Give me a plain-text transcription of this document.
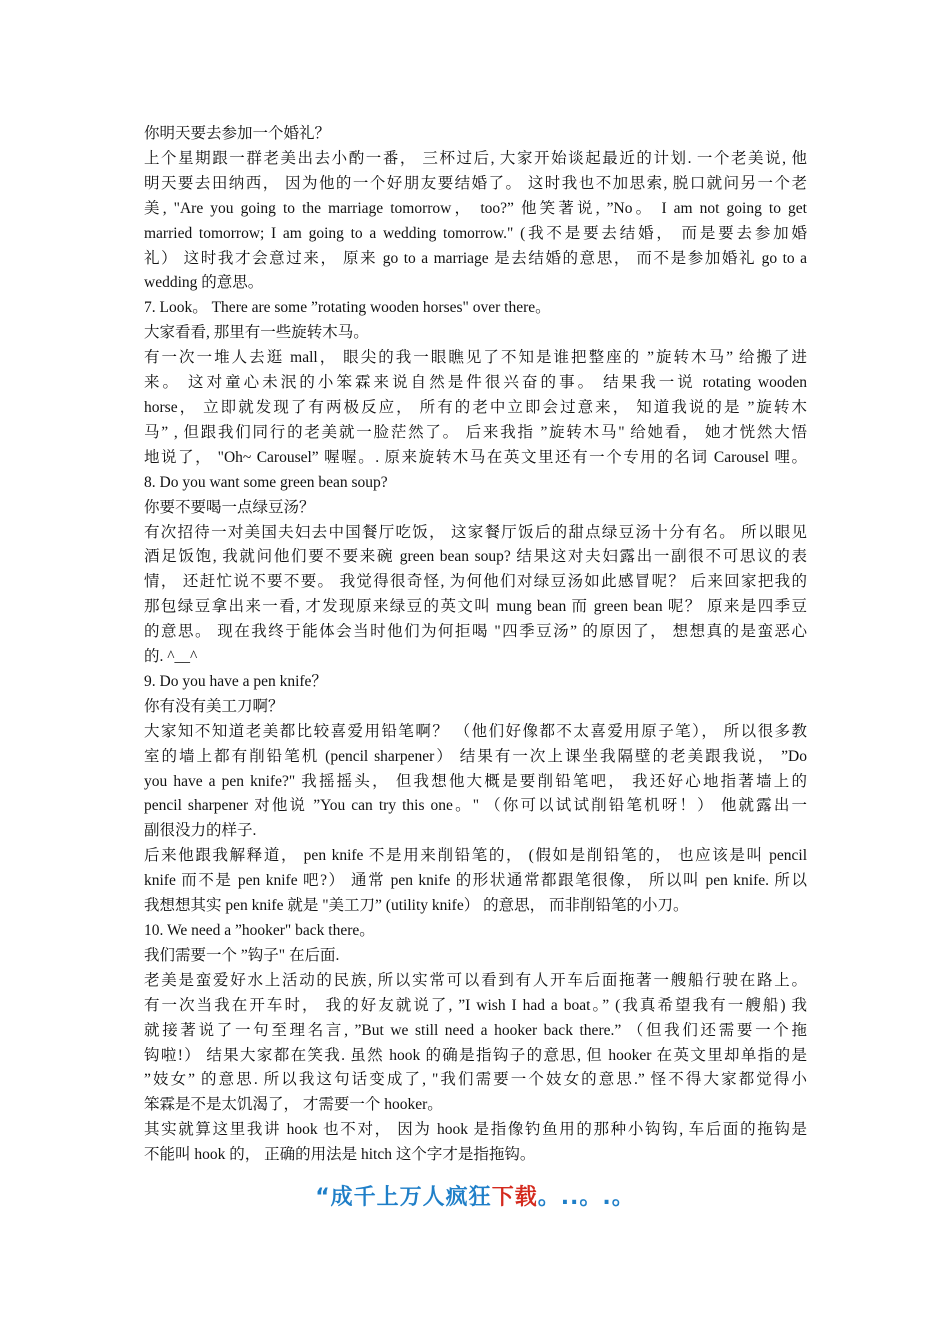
你明天要去参加一个婚礼？
上个星期跟一群老美出去小酌一番， 三杯过后, 大家开始谈起最近的计划. 一个老美说, 他
明天要去田纳西， 因为他的一个好朋友要结婚了。 这时我也不加思索, 脱口就问另一个老
美, "Are you going to the marriage tomorrow， too?” 他笑著说, ”No。 I am not going to get
married tomorrow; I am going to a wedding tomorrow." (我不是要去结婚， 而是要去参加婚
礼） 这时我才会意过来， 原来 go to a marriage 是去结婚的意思， 而不是参加婚礼 go to a
wedding 的意思。
7. Look。 There are some ”rotating wooden horses" over there。
大家看看, 那里有一些旋转木马。
有一次一堆人去逛 mall， 眼尖的我一眼瞧见了不知是谁把整座的 ”旋转木马” 给搬了进
来。 这对童心未泯的小笨霖来说自然是件很兴奋的事。 结果我一说 rotating wooden
horse， 立即就发现了有两极反应， 所有的老中立即会过意来， 知道我说的是 ”旋转木
马” , 但跟我们同行的老美就一脸茫然了。 后来我指 ”旋转木马" 给她看， 她才恍然大悟
地说了， "Oh~ Carousel” 喔喔。. 原来旋转木马在英文里还有一个专用的名词 Carousel 哩。
8. Do you want some green bean soup?
你要不要喝一点绿豆汤？
有次招待一对美国夫妇去中国餐厅吃饭， 这家餐厅饭后的甜点绿豆汤十分有名。 所以眼见
酒足饭饱, 我就问他们要不要来碗 green bean soup? 结果这对夫妇露出一副很不可思议的表
情， 还赶忙说不要不要。 我觉得很奇怪, 为何他们对绿豆汤如此感冒呢？ 后来回家把我的
那包绿豆拿出来一看, 才发现原来绿豆的英文叫 mung bean 而 green bean 呢？ 原来是四季豆
的意思。 现在我终于能体会当时他们为何拒喝 "四季豆汤” 的原因了， 想想真的是蛮恶心
的. ^__^
9. Do you have a pen knife？
你有没有美工刀啊？
大家知不知道老美都比较喜爱用铅笔啊？ （他们好像都不太喜爱用原子笔）， 所以很多教
室的墙上都有削铅笔机 (pencil sharpener） 结果有一次上课坐我隔壁的老美跟我说， ”Do
you have a pen knife?" 我摇摇头， 但我想他大概是要削铅笔吧， 我还好心地指著墙上的
pencil sharpener 对他说 ”You can try this one。" （你可以试试削铅笔机呀！） 他就露出一
副很没力的样子.
后来他跟我解释道， pen knife 不是用来削铅笔的， (假如是削铅笔的， 也应该是叫 pencil
knife 而不是 pen knife 吧?） 通常 pen knife 的形状通常都跟笔很像， 所以叫 pen knife. 所以
我想想其实 pen knife 就是 "美工刀” (utility knife） 的意思， 而非削铅笔的小刀。
10. We need a ”hooker" back there。
我们需要一个 ”钩子" 在后面.
老美是蛮爱好水上活动的民族, 所以实常可以看到有人开车后面拖著一艘船行驶在路上。
有一次当我在开车时， 我的好友就说了, ”I wish I had a boat。” (我真希望我有一艘船) 我
就接著说了一句至理名言, ”But we still need a hooker back there.” （但我们还需要一个拖
钩啦!） 结果大家都在笑我. 虽然 hook 的确是指钩子的意思, 但 hooker 在英文里却单指的是
”妓女” 的意思. 所以我这句话变成了, "我们需要一个妓女的意思.” 怪不得大家都觉得小
笨霖是不是太饥渴了， 才需要一个 hooker。
其实就算这里我讲 hook 也不对， 因为 hook 是指像钓鱼用的那种小钩钩, 车后面的拖钩是
不能叫 hook 的， 正确的用法是 hitch 这个字才是指拖钩。
“成千上万人疯狂下载。..。.。
